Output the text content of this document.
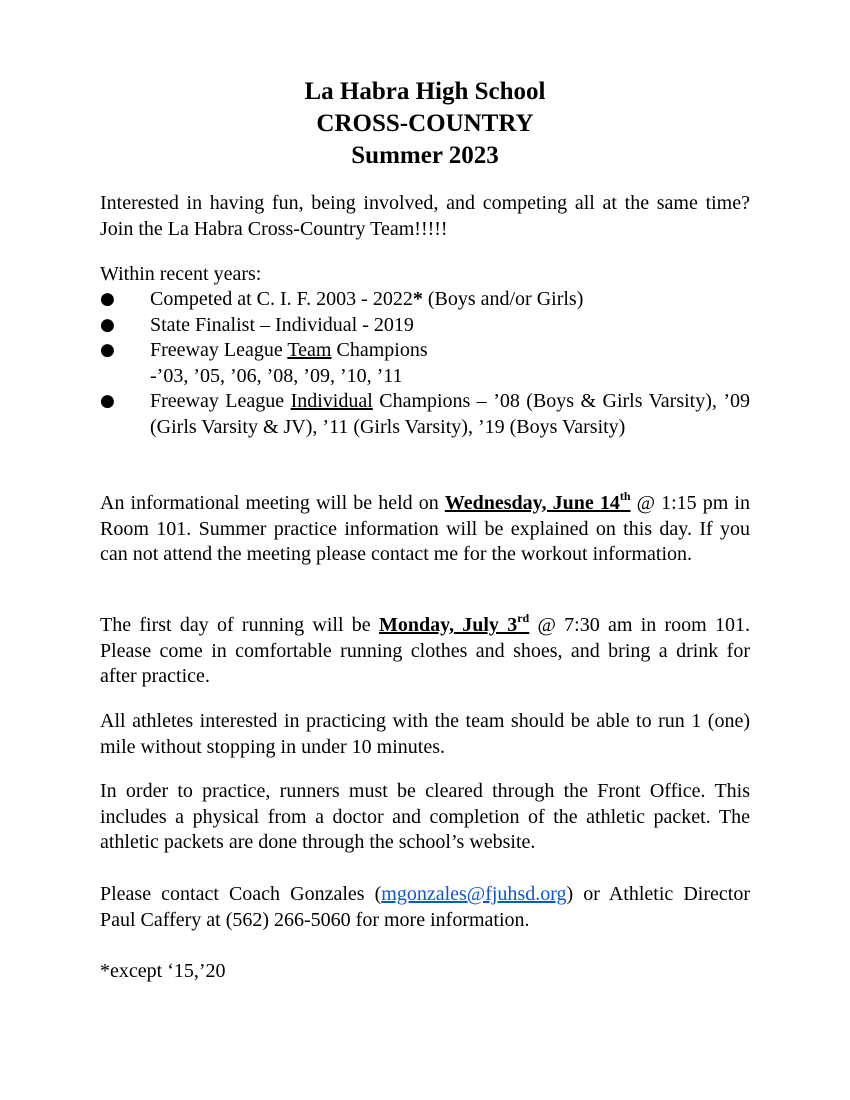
La Habra High School
CROSS-COUNTRY
Summer 2023

Interested in having fun, being involved, and competing all at the same time? Join the La Habra Cross-Country Team!!!!!

Within recent years:

●	Competed at C. I. F. 2003 - 2022* (Boys and/or Girls)
●	State Finalist – Individual - 2019
●	Freeway League Team Champions
-’03, ’05, ’06, ’08, ’09, ’10, ’11
●	Freeway League Individual Champions – ’08 (Boys & Girls Varsity), ’09 (Girls Varsity & JV), ’11 (Girls Varsity), ’19 (Boys Varsity)

An informational meeting will be held on Wednesday, June 14th @ 1:15 pm in Room 101. Summer practice information will be explained on this day. If you can not attend the meeting please contact me for the workout information.

The first day of running will be Monday, July 3rd @ 7:30 am in room 101. Please come in comfortable running clothes and shoes, and bring a drink for after practice.

All athletes interested in practicing with the team should be able to run 1 (one) mile without stopping in under 10 minutes.

In order to practice, runners must be cleared through the Front Office. This includes a physical from a doctor and completion of the athletic packet. The athletic packets are done through the school’s website.

Please contact Coach Gonzales (mgonzales@fjuhsd.org) or Athletic Director Paul Caffery at (562) 266-5060 for more information.

*except ‘15,’20
